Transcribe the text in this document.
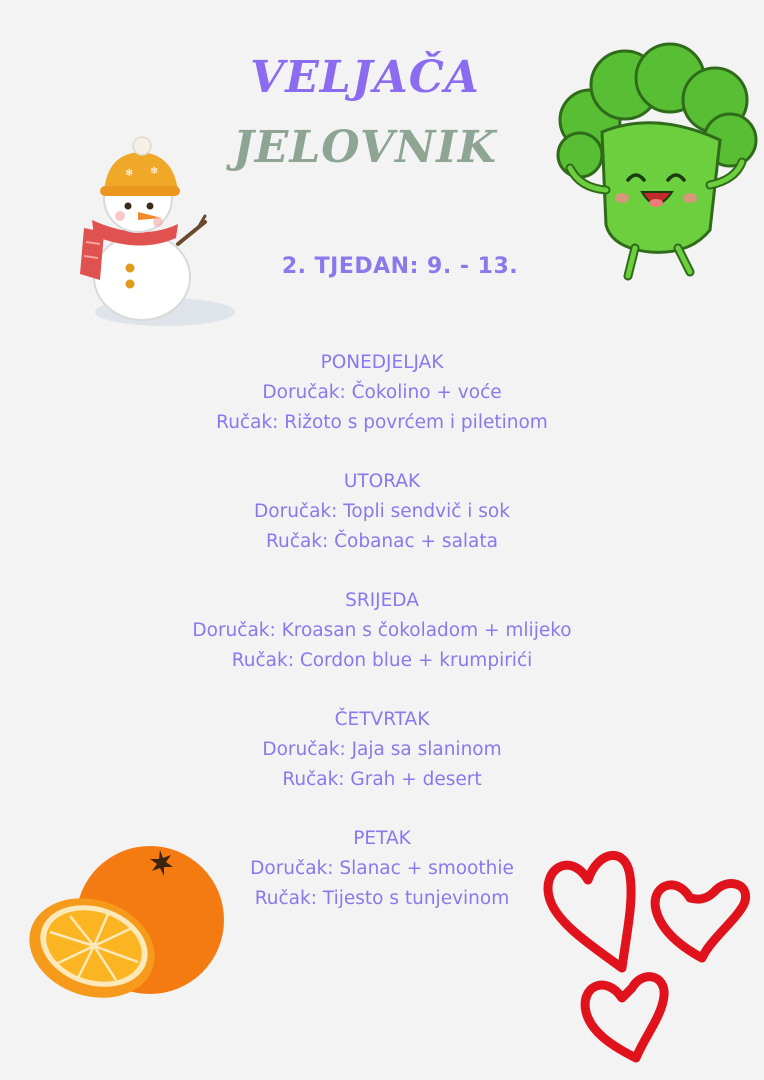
❄ ❄
VELJAČA
JELOVNIK
2. TJEDAN: 9. - 13.
PONEDJELJAK
Doručak: Čokolino + voće
Ručak: Rižoto s povrćem i piletinom
UTORAK
Doručak: Topli sendvič i sok
Ručak: Čobanac + salata
SRIJEDA
Doručak: Kroasan s čokoladom + mlijeko
Ručak: Cordon blue + krumpirići
ČETVRTAK
Doručak: Jaja sa slaninom
Ručak: Grah + desert
PETAK
Doručak: Slanac + smoothie
Ručak: Tijesto s tunjevinom
